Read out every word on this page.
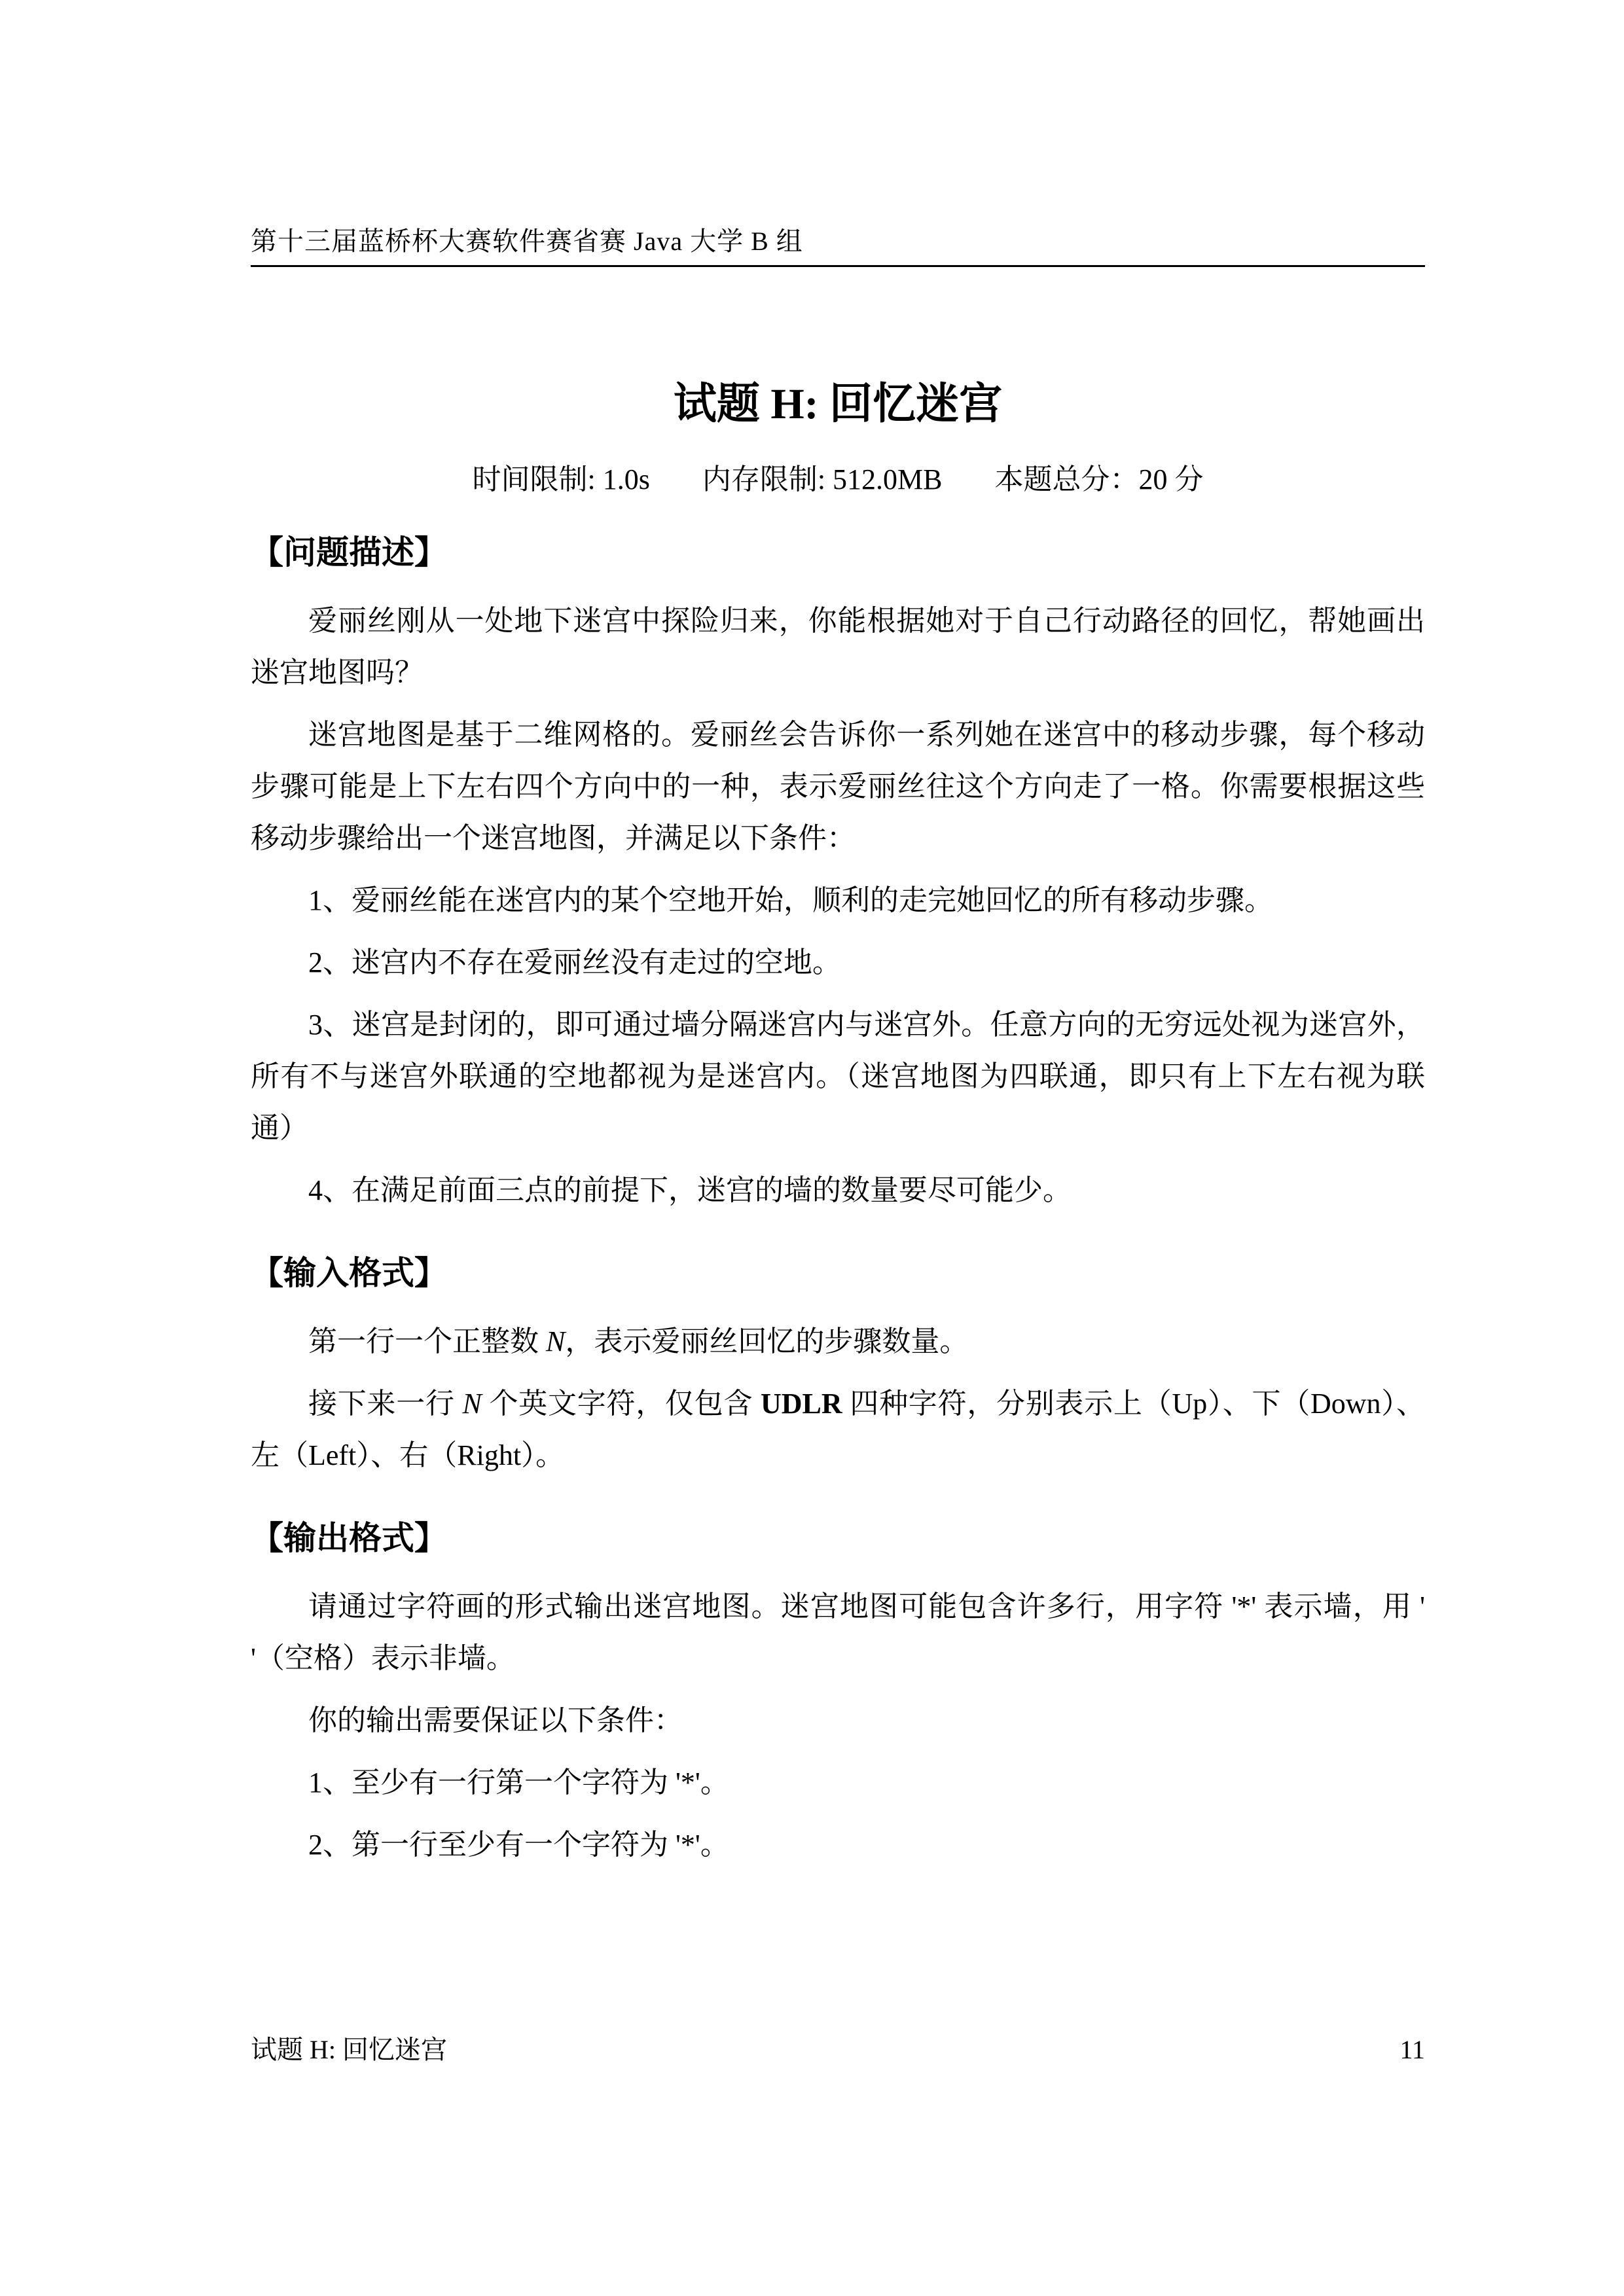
第十三届蓝桥杯大赛软件赛省赛 Java 大学 B 组
试题 H: 回忆迷宫
时间限制: 1.0s 内存限制: 512.0MB 本题总分：20 分
【问题描述】

爱丽丝刚从一处地下迷宫中探险归来，你能根据她对于自己行动路径的回忆，帮她画出迷宫地图吗？

迷宫地图是基于二维网格的。爱丽丝会告诉你一系列她在迷宫中的移动步骤，每个移动步骤可能是上下左右四个方向中的一种，表示爱丽丝往这个方向走了一格。你需要根据这些移动步骤给出一个迷宫地图，并满足以下条件：

1、爱丽丝能在迷宫内的某个空地开始，顺利的走完她回忆的所有移动步骤。

2、迷宫内不存在爱丽丝没有走过的空地。

3、迷宫是封闭的，即可通过墙分隔迷宫内与迷宫外。任意方向的无穷远处视为迷宫外，所有不与迷宫外联通的空地都视为是迷宫内。（迷宫地图为四联通，即只有上下左右视为联通）

4、在满足前面三点的前提下，迷宫的墙的数量要尽可能少。

【输入格式】

第一行一个正整数 N，表示爱丽丝回忆的步骤数量。

接下来一行 N 个英文字符，仅包含 UDLR 四种字符，分别表示上（Up）、下（Down）、左（Left）、右（Right）。

【输出格式】

请通过字符画的形式输出迷宫地图。迷宫地图可能包含许多行，用字符 '*' 表示墙，用 ' '（空格）表示非墙。

你的输出需要保证以下条件：

1、至少有一行第一个字符为 '*'。

2、第一行至少有一个字符为 '*'。

试题 H: 回忆迷宫	11
